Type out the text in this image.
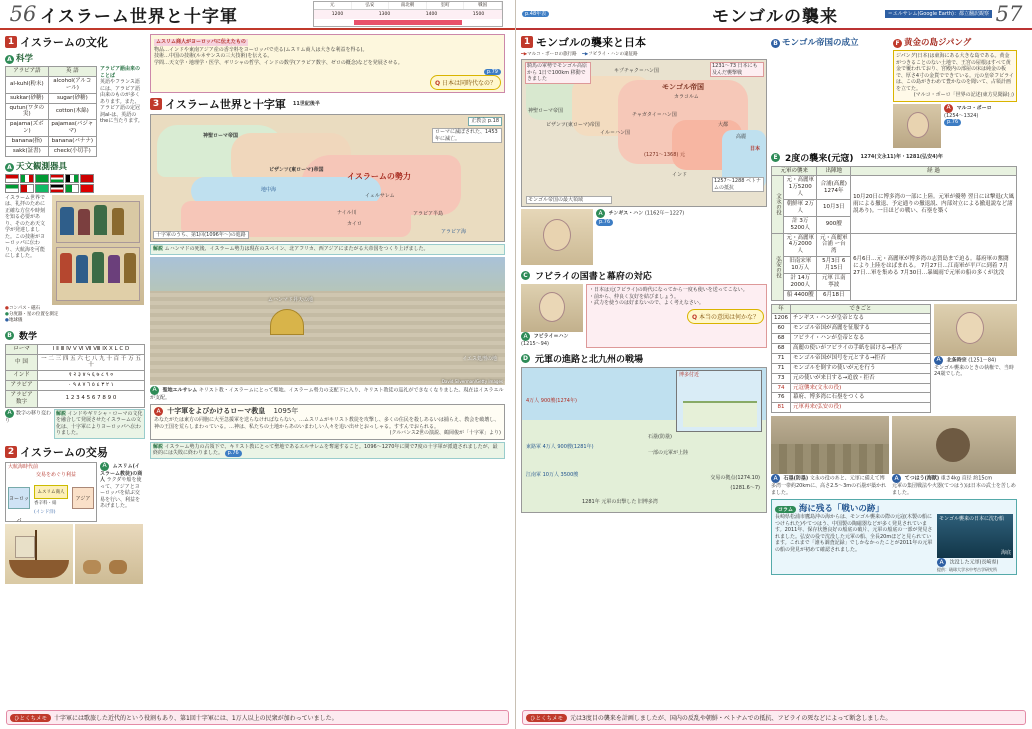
56 イスラーム世界と十字軍
元	弘安	南北朝	室町	戦国
1200	1300	1400	1500
1 イスラームの文化
A 科学
アラビア語	英 語
al-kuhl(粉末)	alcohol(アルコール)
sukkar(砂糖)	sugar(砂糖)
qutun(ワタの実)	cotton(木綿)
pajama(ズボン)	pajamas(パジャマ)
banana(指)	banana(バナナ)
sakk(証書)	check(小切手)
アラビア語由来のことば
英語やフランス語には、アラビア語由来のものが多くあります。また、アラビア語の定冠詞al-は、英語のtheに当たります。
A 天文観測器具
イスラーム世界では、礼拝のために正確な方位や時刻を知る必要があり、そのため天文学が発達しました。この技術がヨーロッパに伝わり、大航海を可能にしました。
●コンパス・磁石
●分度器・星の位置を測定
●地球儀
B 数学
ローマ	Ⅰ Ⅱ Ⅲ Ⅳ Ⅴ Ⅵ Ⅶ Ⅷ Ⅸ Ⅹ Ⅼ Ⅽ Ⅾ
中 国	一 二 三 四 五 六 七 八 九 十 百 千 万 五 十
インド	१ २ ३ ४ ५ ६ ७ ८ ९ ०
アラビア	١ ٢ ٣ ٤ ٥ ٦ ٧ ٨ ٩ ٠
アラビア数字	1 2 3 4 5 6 7 8 9 0
A 数字の移り変わり
解説 インドやギリシャ・ローマの文化を融合して発展させたイスラームの文化は、十字軍によりヨーロッパへ伝わりました。
2 イスラームの交易
大航海時代前
交易をめぐり利益
ヨーロッパ
アジア
ムスリム商人
香辛料・絹
(インド洋)
A ムスリム(イスラーム教徒)の商人 ラクダや船を使って、アジアとヨーロッパを結ぶ交易を行い、利益をあげました。
ムスリム商人がヨーロッパに伝えたもの
物品…インドや東南アジア産の香辛料をヨーロッパで売る(ムスリム商人は大きな利益を得る)。
技術…中国の技術(ルネサンスの三大技術)を伝える。
学問…天文学・地理学・医学、ギリシャの哲学、インドの数学(アラビア数字、ゼロの概念)などを発展させる。
p.79
Q 日本は同時代なの？
3 イスラーム世界と十字軍 11世紀後半
神聖ローマ帝国
ビザンツ(東ローマ)帝国
イスラームの勢力
イェルサレム
ナイル川
地中海
カイロ
アラビア半島
アラビア海
正教会 p.18
ローマに滅ぼされた、1453年に滅亡。
十字軍のうち、第1回(1096年〜)の進路
解説 ムハンマドの死後、イスラーム勢力は現在のスペイン、北アフリカ、西アジアにまたがる大帝国をつくり上げました。
ムハンマド昇天の地
イエス処刑の地
David Silverman/Getty Images
A 聖地エルサレム キリスト教・イスラームにとって聖地。イスラーム勢力の支配下に入り、キリスト教徒の巡礼ができなくなりました。現在はイスラエルが支配。
A 十字軍をよびかけるローマ教皇 1095年
あなたがたは東方の同胞に大至急援軍を送らなければならない。…ムスリムがキリスト教徒を攻撃し、多くの住民を殺しあるいは捕らえ、教会を破壊し、神の王国を荒らしまわっている。…神は、私たちの土地からあのいまわしい人々を追い出せとおっしゃる。すすんでおられる。
(クルバンス2世の演説、鶴岡俊が「十字軍」より)
解説 イスラーム勢力の占領下で、キリスト教にとって聖地であるエルサレムを奪還すること。1096〜1270年に間で7度の十字軍が派遣されましたが、最終的には失敗に終わりました。 p.76
ひとくちメモ	十字軍には歌旅した近代的という役割もあり、第1回十字軍には、1万人以上の民衆が加わっていました。
p.48年表	モンゴルの襲来	＝エルサレム(Google Earth)：都立翻訳観察 57
1 モンゴルの襲来と日本
━▶マルコ・ポーロの旅行路 ━▶フビライ・ハンの遠征路
神聖ローマ帝国
ビザンツ(東ローマ)帝国
キプチャク＝ハン国
イル＝ハン国
チャガタイ＝ハン国
モンゴル帝国
大都
高麗
日本
インド
カラコルム
騎馬の軍勢でモンゴル高原から 1日で100km 移動できました
1231〜73 日本にも及んだ襲撃戦
(1271〜1368) 元
1257〜1288 ベトナムの抵抗
モンゴル帝国の最大領域
A チンギス・ハン (1162年〜1227)
p.76
C フビライの国書と幕府の対応
A フビライ＝ハン (1215〜94)
・日本は元(フビライ)の時代になってから一度も使いを送ってこない。
・前から、仲良く友好を結びましょう。
・武力を使うのは好まないので、よく考えなさい。
Q 本当の意図は何かな？
D 元軍の進路と北九州の戦場
博多付近
4万人 900艘(1274年)
東路軍 4万人 900艘(1281年)
江南軍 10万人 3500艘
交易の拠点(1274.10)
(1281.6〜7)
1281年 元軍の出撃した 旧博多湾
石塁(防塁)
一部の元軍が上陸
B モンゴル帝国の成立	F 黄金の島ジパング
ジパング(日本)は東海にある大きな島である。黄金がつきることのない土地で、王宮の屋根はすべて黄金で覆われており、宮殿内の部屋の床は純金の板で、厚さ4寸の金貨でできている。元の皇帝フビライは、この島がきわめて豊かなのを聞いて、占領計画を立てた。
(マルコ・ポーロ「世界の記述(東方見聞録)」)
A マルコ・ポーロ
(1254〜1324)
p.76
E 2度の襲来(元寇) 1274(文永11)年・1281(弘安4)年
元軍の襲来		出陣地	経 過
文永の役	元・高麗軍 1万5200人	合浦(高麗) 1274年	10月20日に博多湾の一部に上陸。元軍が優勢 翌日には撃退(大風雨による撤退、予定通りの撤退説、内部対立による撤退説など諸説あり)。一日ほどの戦い、石塁を築く
	朝鮮軍 2万人	10月3日	
	計 3万5200人	900艘	
弘安の役	元・高麗軍 4万2000人	元・高麗軍 合浦 ー台湾	6月6日…元・高麗軍が博多湾の志賀島まで迫る。幕府軍の奮闘により上陸をはばまれる。 7月27日…江南軍が平戸に到着 7月27日…軍を集める 7月30日…暴風雨で元軍の船の多くが沈没
	旧南宋軍 10万人	5月3日 6月15日	
	計 14万2000人	元軍 江南 寧波	
	船 4400艘	6月18日	
年	できごと
1206	チンギス・ハンが皇帝となる
60	モンゴル帝国が高麗を征服する
68	フビライ・ハンが皇帝となる
68	高麗の使いがフビライの手紙を届ける→拒否
71	モンゴル帝国が国号を元とする→拒否
71	モンゴルを倒すの使いが元を行う
73	元の使いが来日する→追放・拒否
74	元寇襲来(文永の役)
76	幕府、博多湾に石塁をつくる
81	元軍再来(弘安の役)
A 北条時宗 (1251〜84)
モンゴル襲来のときの執権で、当時24歳でした。
A 石塁(防塁) 文永の役のあと、元軍に備えて博多湾一帯約20kmに、高さ2.5〜3mの石塁が築かれました。
A てつはう(海獣) 重さ4kg 直径 約15cm
元軍の集団戦法や火器(てつはう)は日本の武士を苦しめました。
コラム 海に残る「戦いの跡」
長崎県松浦市鷹島沖の海からは、モンゴル襲来の際の元寇(木製の船につけられた)やてつはう、中国製の陶磁器などが多く発見されています。2011年、保存状態良好の船底の破片、元軍の船底の一部が発見されました。弘安の役で沈没した元軍の船、全長20mほどと見られています。これまで「誰も調査記録」でしかなかったことが2011年の元軍の船の発見が初めて確認されました。
モンゴル襲来の日本に沈む船
海底
A 沈没した元軍(長崎県)
提供：琉球大学水中考古学研究所
ひとくちメモ	元は3度目の襲来を計画しましたが、国内の反乱や朝鮮・ベトナムでの抵抗、フビライの死などによって断念しました。
